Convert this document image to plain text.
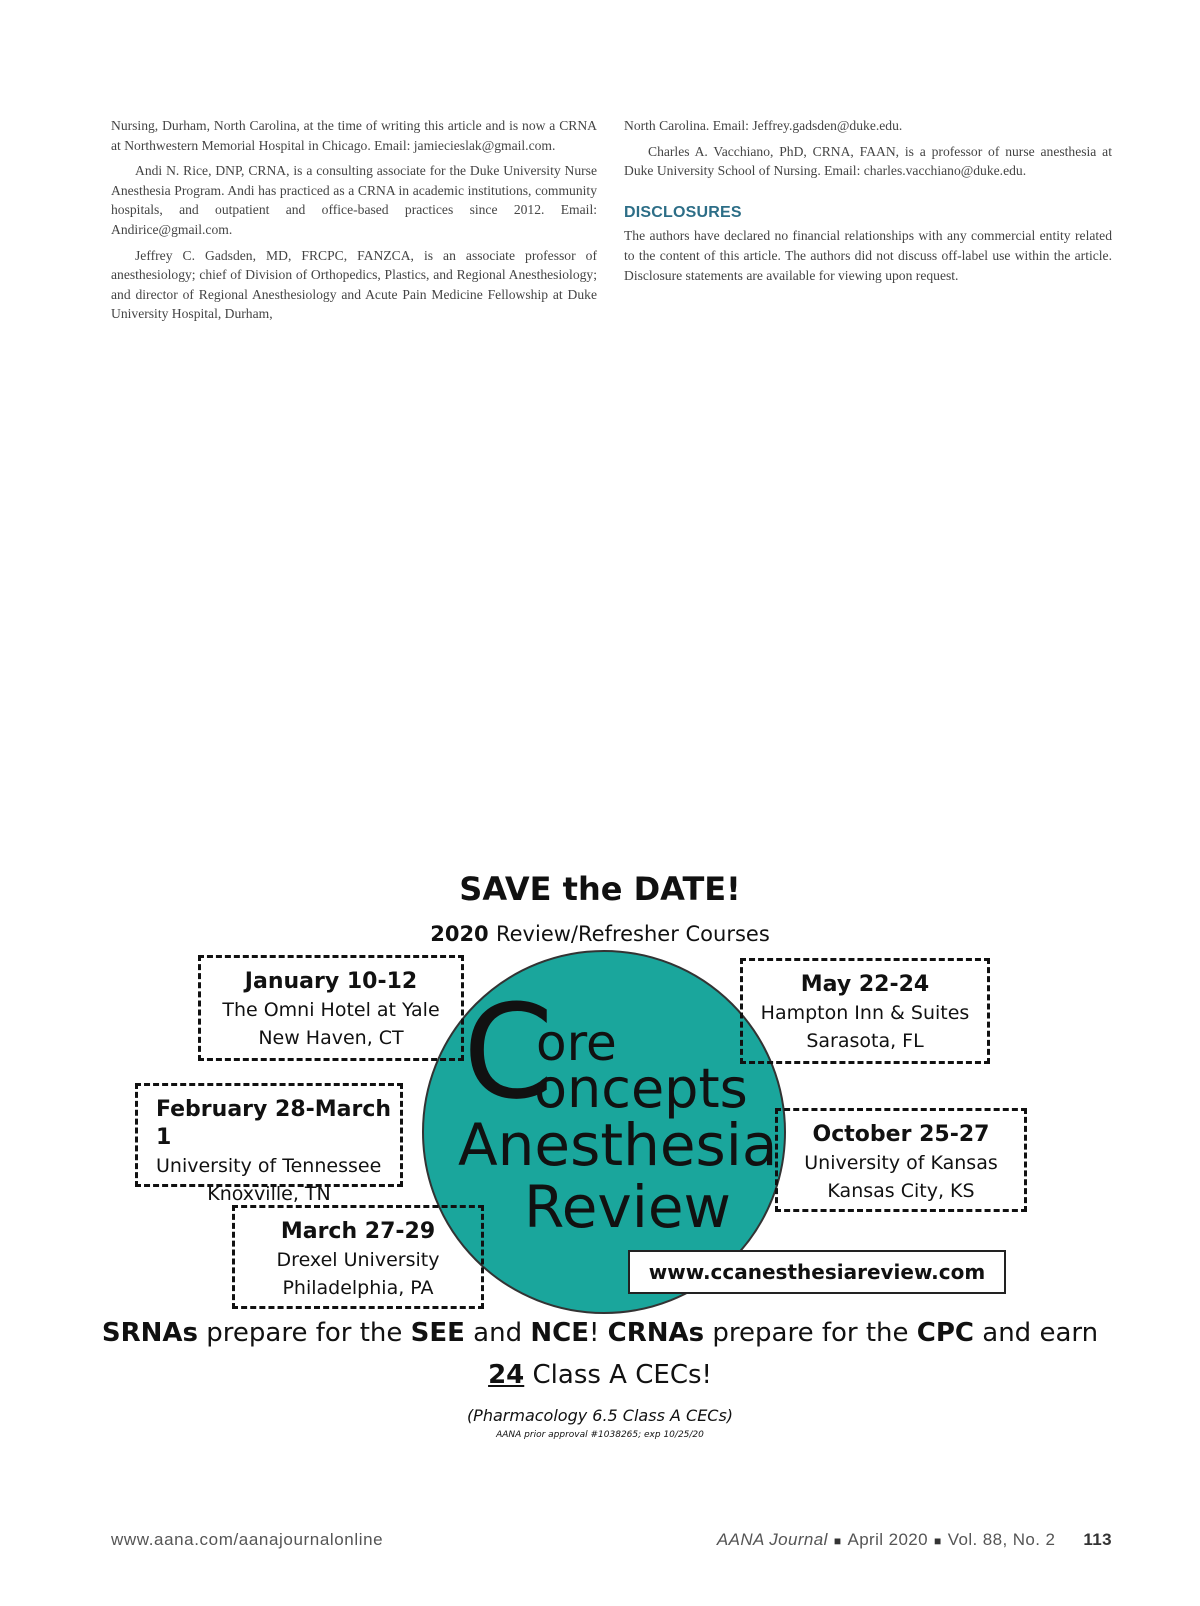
Nursing, Durham, North Carolina, at the time of writing this article and is now a CRNA at Northwestern Memorial Hospital in Chicago. Email: jamiecieslak@gmail.com.

Andi N. Rice, DNP, CRNA, is a consulting associate for the Duke University Nurse Anesthesia Program. Andi has practiced as a CRNA in academic institutions, community hospitals, and outpatient and office-based practices since 2012. Email: Andirice@gmail.com.

Jeffrey C. Gadsden, MD, FRCPC, FANZCA, is an associate professor of anesthesiology; chief of Division of Orthopedics, Plastics, and Regional Anesthesiology; and director of Regional Anesthesiology and Acute Pain Medicine Fellowship at Duke University Hospital, Durham,

North Carolina. Email: Jeffrey.gadsden@duke.edu.

Charles A. Vacchiano, PhD, CRNA, FAAN, is a professor of nurse anesthesia at Duke University School of Nursing. Email: charles.vacchiano@duke.edu.

DISCLOSURES

The authors have declared no financial relationships with any commercial entity related to the content of this article. The authors did not discuss off-label use within the article. Disclosure statements are available for viewing upon request.

SAVE the DATE!
2020 Review/Refresher Courses
C
ore
oncepts
Anesthesia
Review
January 10-12
The Omni Hotel at Yale
New Haven, CT
May 22-24
Hampton Inn & Suites
Sarasota, FL
February 28-March 1
University of Tennessee
Knoxville, TN
October 25-27
University of Kansas
Kansas City, KS
March 27-29
Drexel University
Philadelphia, PA
www.ccanesthesiareview.com
SRNAs prepare for the SEE and NCE! CRNAs prepare for the CPC and earn
24 Class A CECs!
(Pharmacology 6.5 Class A CECs)
AANA prior approval #1038265; exp 10/25/20
www.aana.com/aanajournalonline	AANA Journal ■ April 2020 ■ Vol. 88, No. 2 113
